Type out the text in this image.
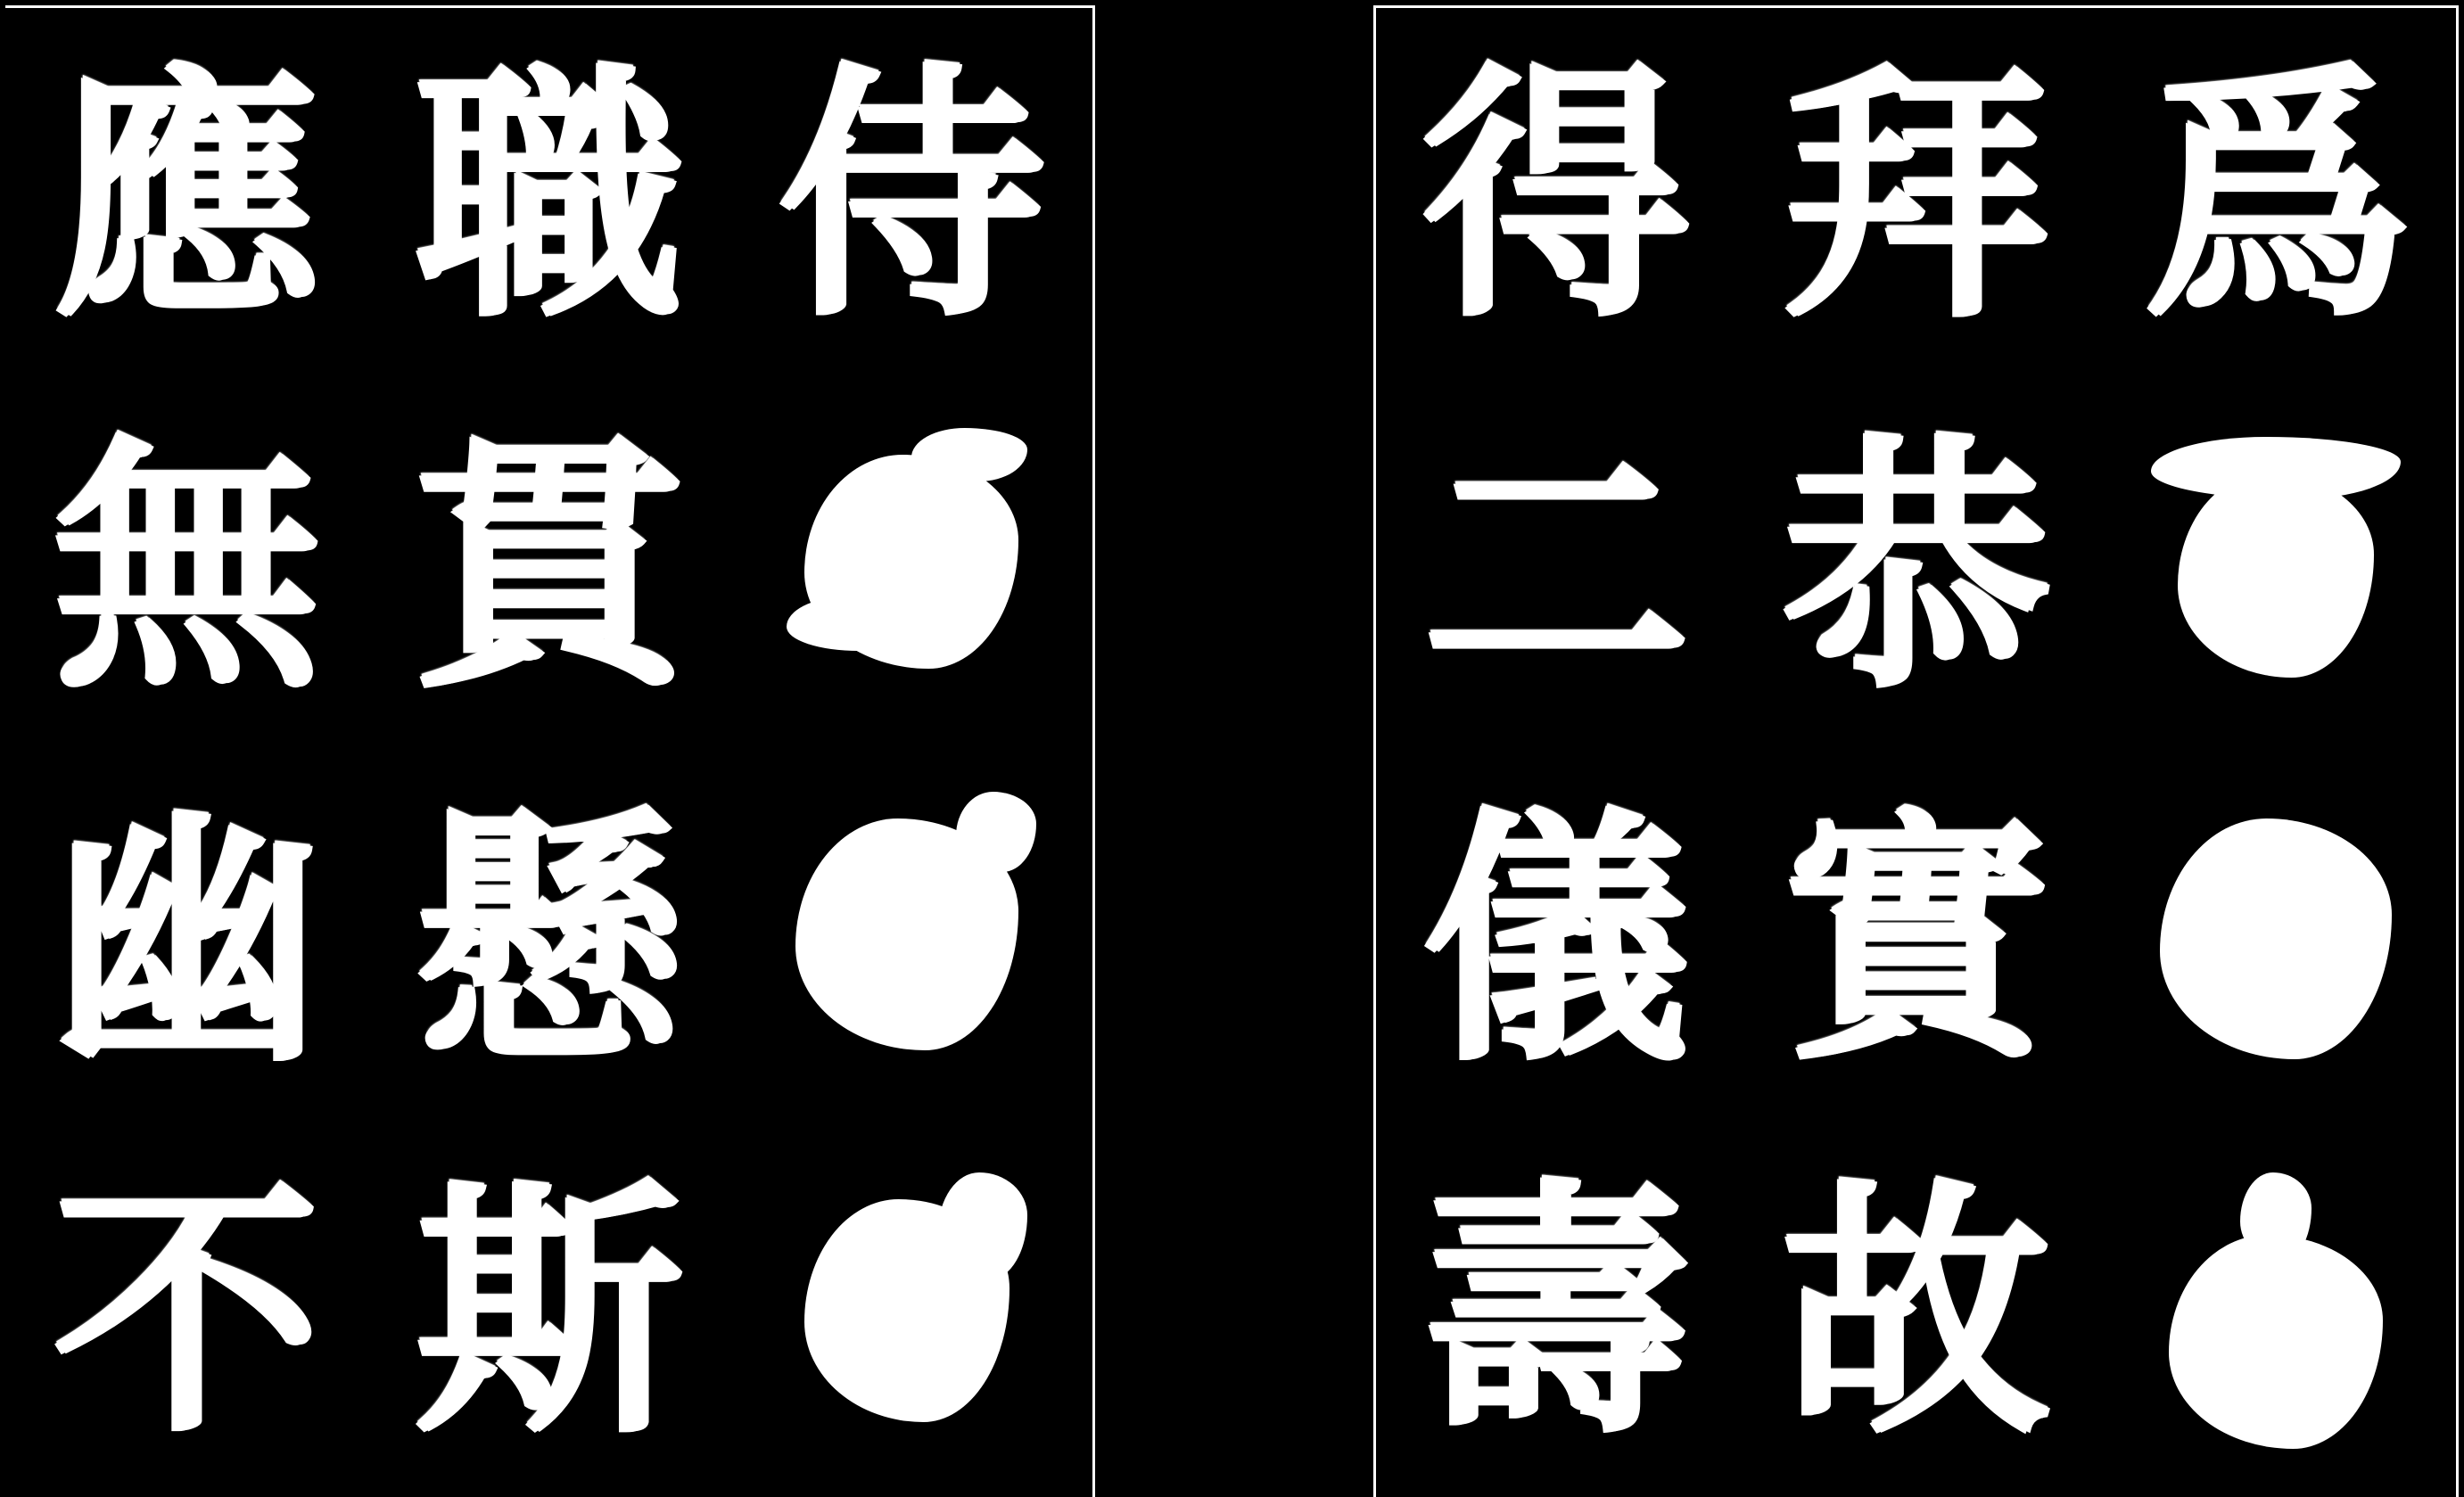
應 職 侍
無 貫
幽 懸
不 斯
得 拜 爲
二 恭
儀 實
壽 故
